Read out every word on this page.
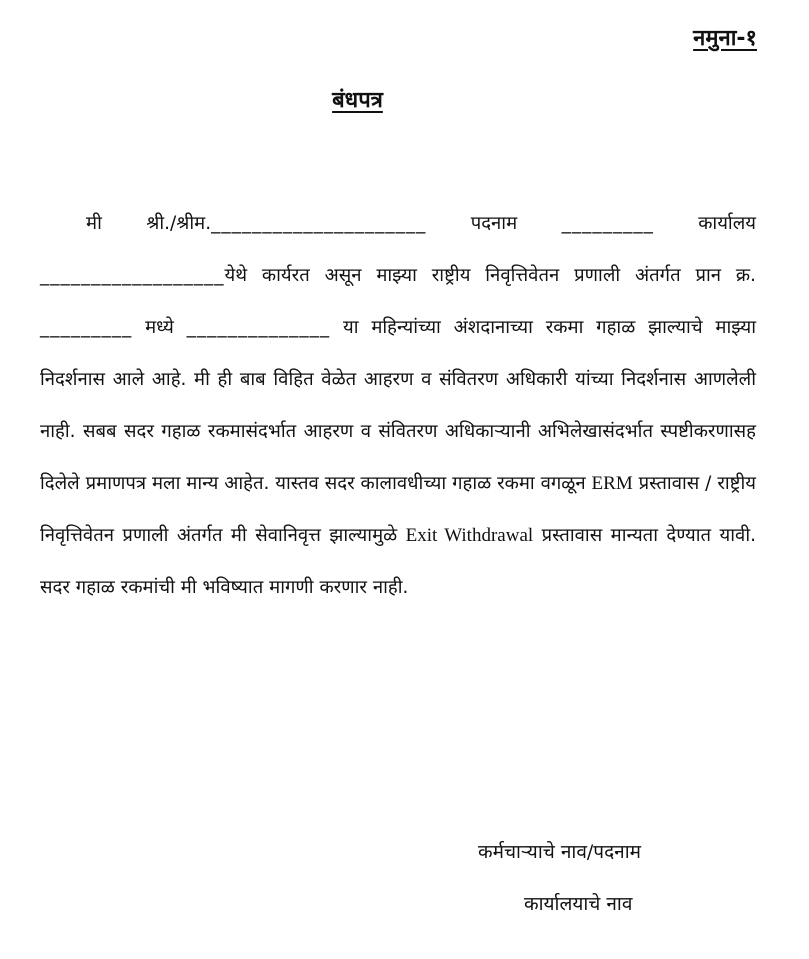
नमुना-१
बंधपत्र

मी श्री./श्रीम._____________________ पदनाम _________ कार्यालय __________________येथे कार्यरत असून माझ्या राष्ट्रीय निवृत्तिवेतन प्रणाली अंतर्गत प्रान क्र. _________ मध्ये ______________ या महिन्यांच्या अंशदानाच्या रकमा गहाळ झाल्याचे माझ्या निदर्शनास आले आहे. मी ही बाब विहित वेळेत आहरण व संवितरण अधिकारी यांच्या निदर्शनास आणलेली नाही. सबब सदर गहाळ रकमासंदर्भात आहरण व संवितरण अधिकाऱ्यानी अभिलेखासंदर्भात स्पष्टीकरणासह दिलेले प्रमाणपत्र मला मान्य आहेत. यास्तव सदर कालावधीच्या गहाळ रकमा वगळून ERM प्रस्तावास / राष्ट्रीय निवृत्तिवेतन प्रणाली अंतर्गत मी सेवानिवृत्त झाल्यामुळे Exit Withdrawal प्रस्तावास मान्यता देण्यात यावी. सदर गहाळ रकमांची मी भविष्यात मागणी करणार नाही.

कर्मचाऱ्याचे नाव/पदनाम
कार्यालयाचे नाव
